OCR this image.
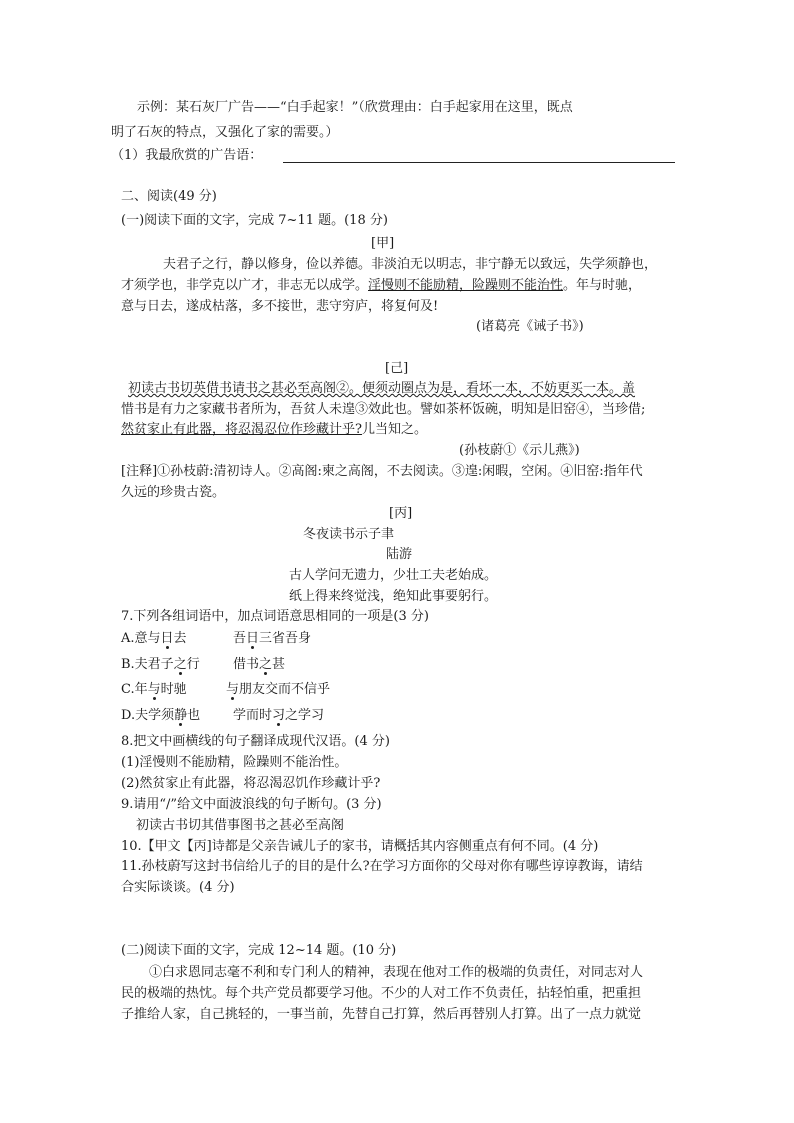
示例：某石灰厂广告——“白手起家！”（欣赏理由：白手起家用在这里，既点
明了石灰的特点，又强化了家的需要。）
（1）我最欣赏的广告语：
二、阅读(49 分)
(一)阅读下面的文字，完成 7~11 题。(18 分)
[甲]
夫君子之行，静以修身，俭以养德。非淡泊无以明志，非宁静无以致远，失学须静也，
才须学也，非学克以广才，非志无以成学。淫慢则不能励精，险躁则不能治性。年与时驰，
意与日去，遂成枯落，多不接世，悲守穷庐，将复何及!
(诸葛亮《诫子书》)
[己]
初读古书切英借书请书之甚必至高阁②。便须动圈点为是，看坏一本，不妨更买一本。盖
惜书是有力之家藏书者所为，吾贫人未遑③效此也。譬如茶杯饭碗，明知是旧窑④，当珍借;
然贫家止有此器，将忍渴忍位作珍藏计乎?儿当知之。
(孙枝蔚①《示儿燕》)
[注释]①孙枝蔚:清初诗人。②高阁:柬之高阁，不去阅读。③遑:闲暇，空闲。④旧窑:指年代
久远的珍贵古瓷。
[丙]
冬夜读书示子聿
陆游
古人学问无遗力，少壮工夫老始成。
纸上得来终觉浅，绝知此事要躬行。
7.下列各组词语中，加点词语意思相同的一项是(3 分)
A.意与日去	吾日三省吾身
B.夫君子之行	借书之甚
C.年与时驰	与朋友交而不信乎
D.夫学须静也	学而时习之学习
8.把文中画横线的句子翻译成现代汉语。(4 分)
(1)淫慢则不能励精，险躁则不能治性。
(2)然贫家止有此器，将忍渴忍饥作珍藏计乎?
9.请用“/”给文中面波浪线的句子断句。(3 分)
初读古书切其借事图书之甚必至高阁
10.【甲文【丙]诗都是父亲告诫儿子的家书，请概括其内容侧重点有何不同。(4 分)
11.孙枝蔚写这封书信给儿子的目的是什么?在学习方面你的父母对你有哪些谆谆教诲，请结
合实际谈谈。(4 分)
(二)阅读下面的文字，完成 12~14 题。(10 分)
①白求恩同志毫不利和专门利人的精神，表现在他对工作的极端的负责任，对同志对人
民的极端的热忱。每个共产党员都要学习他。不少的人对工作不负责任，拈轻怕重，把重担
子推给人家，自己挑轻的，一事当前，先替自己打算，然后再替别人打算。出了一点力就觉
